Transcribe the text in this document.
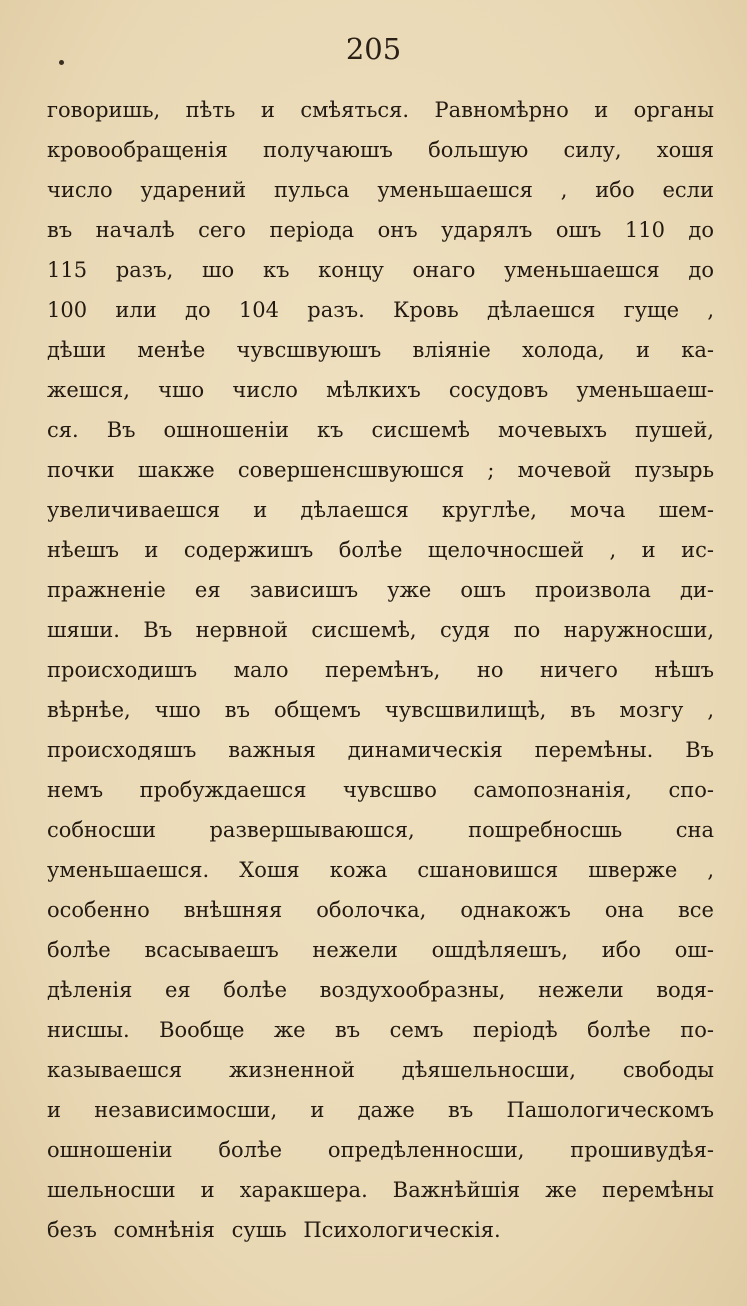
205
говоришь, пѣть и смѣяться. Равномѣрно и органы
кровообращенія получаюшъ большую силу, хошя
число ударений пульса уменьшаешся , ибо если
въ началѣ сего періода онъ ударялъ ошъ 110 до
115 разъ, шо къ концу онаго уменьшаешся до
100 или до 104 разъ. Кровь дѣлаешся гуще ,
дѣши менѣе чувсшвуюшъ вліяніе холода, и ка-
жешся, чшо число мѣлкихъ сосудовъ уменьшаеш-
ся. Въ ошношеніи къ сисшемѣ мочевыхъ пушей,
почки шакже совершенсшвуюшся ; мочевой пузырь
увеличиваешся и дѣлаешся круглѣе, моча шем-
нѣешъ и содержишъ болѣе щелочносшей , и ис-
пражненіе ея зависишъ уже ошъ произвола ди-
шяши. Въ нервной сисшемѣ, судя по наружносши,
происходишъ мало перемѣнъ, но ничего нѣшъ
вѣрнѣе, чшо въ общемъ чувсшвилищѣ, въ мозгу ,
происходяшъ важныя динамическія перемѣны. Въ
немъ пробуждаешся чувсшво самопознанія, спо-
собносши развершываюшся, пошребносшь сна
уменьшаешся. Хошя кожа сшановишся шверже ,
особенно внѣшняя оболочка, однакожъ она все
болѣе всасываешъ нежели ошдѣляешъ, ибо ош-
дѣленія ея болѣе воздухообразны, нежели водя-
нисшы. Вообще же въ семъ періодѣ болѣе по-
казываешся жизненной дѣяшельносши, свободы
и независимосши, и даже въ Пашологическомъ
ошношеніи болѣе опредѣленносши, прошивудѣя-
шельносши и харакшера. Важнѣйшія же перемѣны
безъ сомнѣнія сушь Психологическія.
